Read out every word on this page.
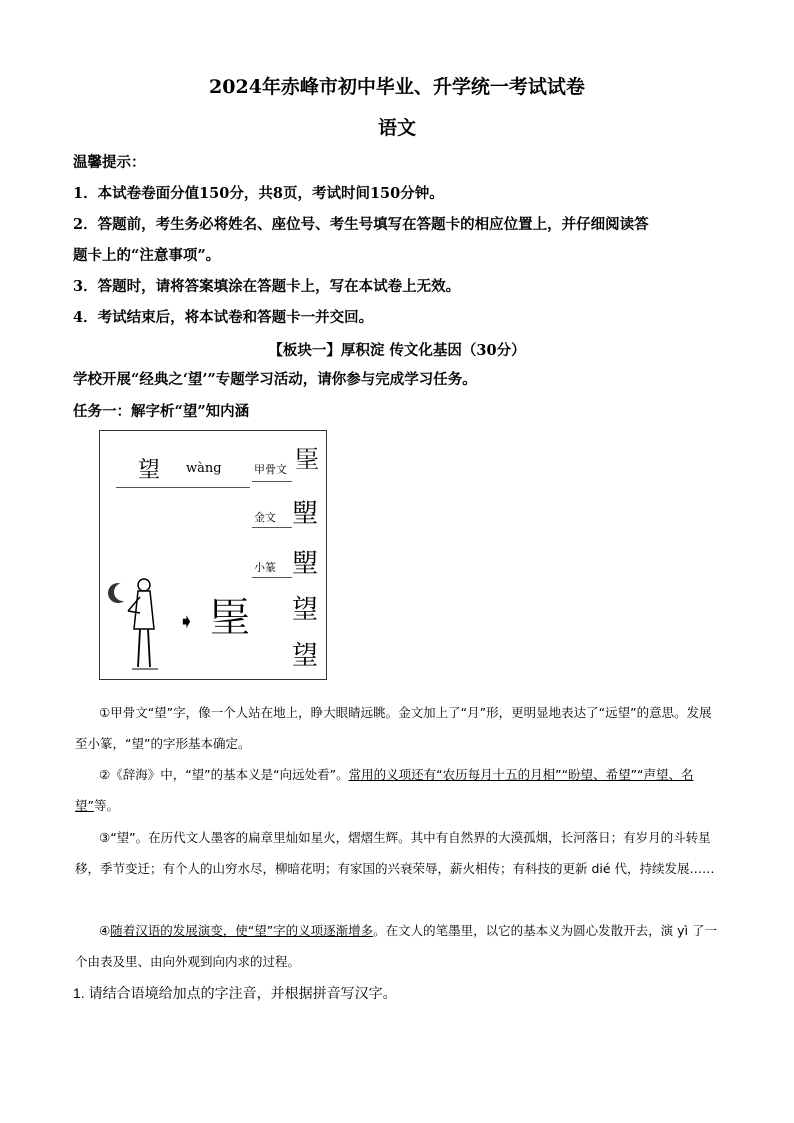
2024年赤峰市初中毕业、升学统一考试试卷
语文
温馨提示：
1．本试卷卷面分值150分，共8页，考试时间150分钟。
2．答题前，考生务必将姓名、座位号、考生号填写在答题卡的相应位置上，并仔细阅读答
题卡上的“注意事项”。
3．答题时，请将答案填涂在答题卡上，写在本试卷上无效。
4．考试结束后，将本试卷和答题卡一并交回。
【板块一】厚积淀 传文化基因（30分）
学校开展“经典之‘望’”专题学习活动，请你参与完成学习任务。
任务一：解字析“望”知内涵
望 wàng	甲骨文
金文
小篆
𦣠
朢
朢
望
望
➧ 𦣠
①甲骨文“望”字，像一个人站在地上，睁大眼睛远眺。金文加上了“月”形，更明显地表达了“远望”的意思。发展至小篆，“望”的字形基本确定。
②《辞海》中，“望”的基本义是“向远处看”。常用的义项还有“农历每月十五的月相”“盼望、希望”“声望、名望”等。
③“望”。在历代文人墨客的扁章里灿如星火，熠熠生辉。其中有自然界的大漠孤烟，长河落日；有岁月的斗转星移，季节变迁；有个人的山穷水尽，柳暗花明；有家国的兴衰荣辱，薪火相传；有科技的更新 dié 代，持续发展……
④随着汉语的发展演变，使“望”字的义项逐渐增多。在文人的笔墨里，以它的基本义为圆心发散开去，演 yì 了一个由表及里、由向外观到向内求的过程。
1. 请结合语境给加点的字注音，并根据拼音写汉字。
